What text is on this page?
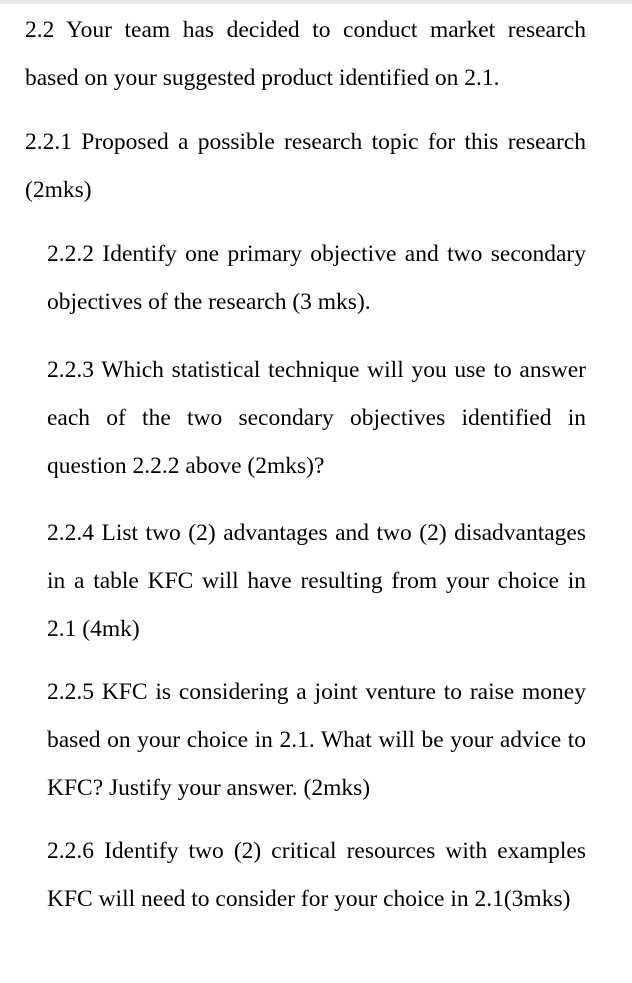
2.2 Your team has decided to conduct market research based on your suggested product identified on 2.1.

2.2.1 Proposed a possible research topic for this research (2mks)

2.2.2 Identify one primary objective and two secondary objectives of the research (3 mks).

2.2.3 Which statistical technique will you use to answer each of the two secondary objectives identified in question 2.2.2 above (2mks)?

2.2.4 List two (2) advantages and two (2) disadvantages in a table KFC will have resulting from your choice in 2.1 (4mk)

2.2.5 KFC is considering a joint venture to raise money based on your choice in 2.1. What will be your advice to KFC? Justify your answer. (2mks)

2.2.6 Identify two (2) critical resources with examples KFC will need to consider for your choice in 2.1(3mks)
